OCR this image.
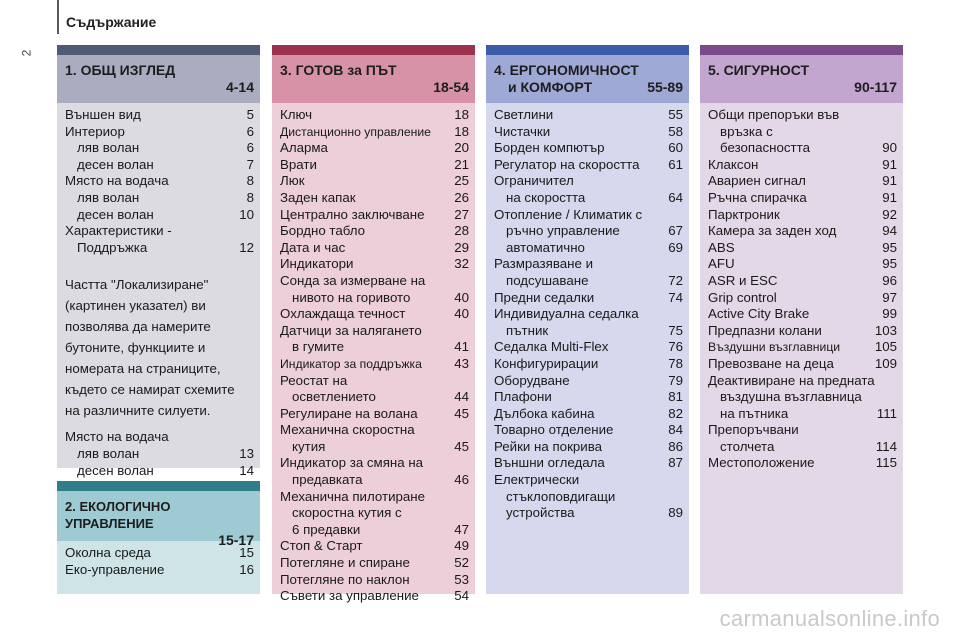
Съдържание
2
1. ОБЩ ИЗГЛЕД
4-14
Външен вид	5
Интериор	6
ляв волан	6
десен волан	7
Място на водача	8
ляв волан	8
десен волан	10
Характеристики -
Поддръжка	12
Частта "Локализиране"
(картинен указател) ви
позволява да намерите
бутоните, функциите и
номерата на страниците,
където се намират схемите
на различните силуети.
Място на водача
ляв волан	13
десен волан	14
2. ЕКОЛОГИЧНО УПРАВЛЕНИЕ
15-17
Околна среда	15
Еко-управление	16
3. ГОТОВ за ПЪТ
18-54
Ключ	18
Дистанционно управление	18
Аларма	20
Врати	21
Люк	25
Заден капак	26
Централно заключване	27
Бордно табло	28
Дата и час	29
Индикатори	32
Сонда за измерване на
нивото на горивото	40
Охлаждаща течност	40
Датчици за налягането
в гумите	41
Индикатор за поддръжка	43
Реостат на
осветлението	44
Регулиране на волана	45
Механична скоростна
кутия	45
Индикатор за смяна на
предавката	46
Механична пилотиране
скоростна кутия с
6 предавки	47
Стоп & Старт	49
Потегляне и спиране	52
Потегляне по наклон	53
Съвети за управление	54
4. ЕРГОНОМИЧНОСТ
и КОМФОРТ	55-89
Светлини	55
Чистачки	58
Борден компютър	60
Регулатор на скоростта	61
Ограничител
на скоростта	64
Отопление / Климатик с
ръчно управление	67
автоматично	69
Размразяване и
подсушаване	72
Предни седалки	74
Индивидуална седалка
пътник	75
Седалка Multi-Flex	76
Конфигурирации	78
Оборудване	79
Плафони	81
Дълбока кабина	82
Товарно отделение	84
Рейки на покрива	86
Външни огледала	87
Електрически
стъклоповдигащи
устройства	89
5. СИГУРНОСТ
90-117
Общи препоръки във
връзка с
безопасността	90
Клаксон	91
Авариен сигнал	91
Ръчна спирачка	91
Парктроник	92
Камера за заден ход	94
ABS	95
AFU	95
ASR и ESC	96
Grip control	97
Active City Brake	99
Предпазни колани	103
Въздушни възглавници	105
Превозване на деца	109
Деактивиране на предната
въздушна възглавница
на пътника	111
Препоръчвани
столчета	114
Местоположение	115
carmanualsonline.info
